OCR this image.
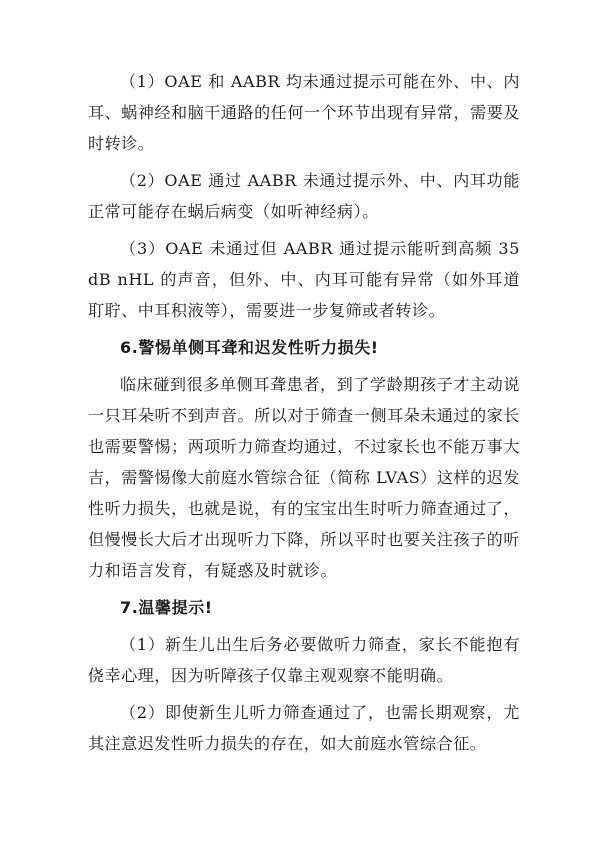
（1）OAE 和 AABR 均未通过提示可能在外、中、内耳、蜗神经和脑干通路的任何一个环节出现有异常，需要及时转诊。

（2）OAE 通过 AABR 未通过提示外、中、内耳功能正常可能存在蜗后病变（如听神经病）。

（3）OAE 未通过但 AABR 通过提示能听到高频 35dB nHL 的声音，但外、中、内耳可能有异常（如外耳道耵聍、中耳积液等），需要进一步复筛或者转诊。

6.警惕单侧耳聋和迟发性听力损失!

临床碰到很多单侧耳聋患者，到了学龄期孩子才主动说一只耳朵听不到声音。所以对于筛查一侧耳朵未通过的家长也需要警惕；两项听力筛查均通过，不过家长也不能万事大吉，需警惕像大前庭水管综合征（简称 LVAS）这样的迟发性听力损失，也就是说，有的宝宝出生时听力筛查通过了，但慢慢长大后才出现听力下降，所以平时也要关注孩子的听力和语言发育，有疑惑及时就诊。

7.温馨提示!

（1）新生儿出生后务必要做听力筛查，家长不能抱有侥幸心理，因为听障孩子仅靠主观观察不能明确。

（2）即使新生儿听力筛查通过了，也需长期观察，尤其注意迟发性听力损失的存在，如大前庭水管综合征。
